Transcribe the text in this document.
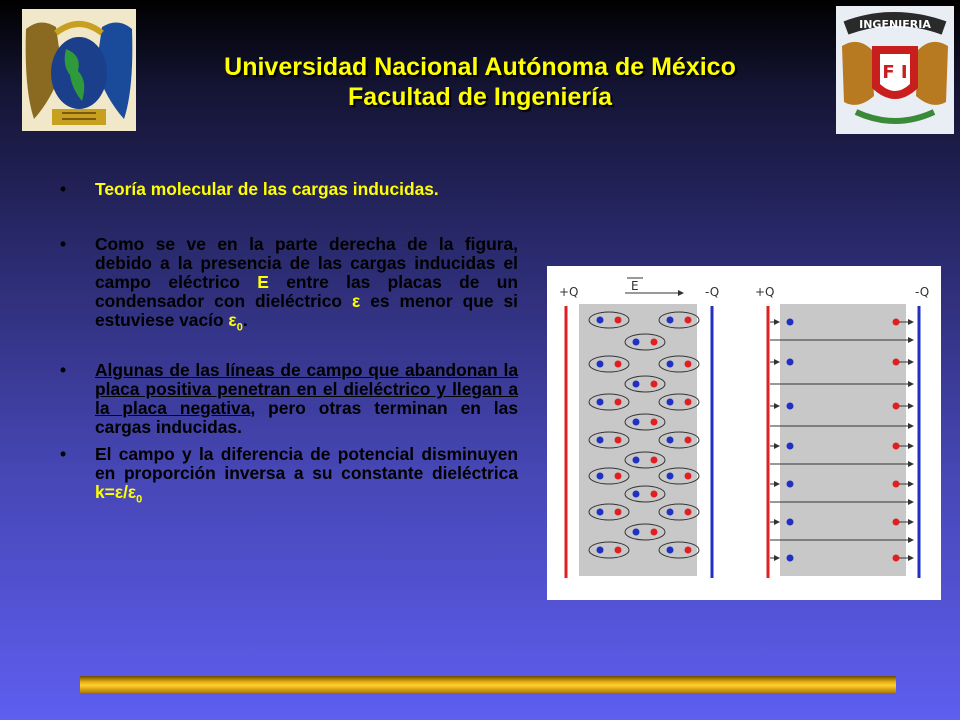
INGENIERIA
F I
Universidad Nacional Autónoma de México
Facultad de Ingeniería
• Teoría molecular de las cargas inducidas.
• Como se ve en la parte derecha de la figura, debido a la presencia de las cargas inducidas el campo eléctrico E entre las placas de un condensador con dieléctrico ε es menor que si estuviese vacío $\varepsilon_0$.
• Algunas de las líneas de campo que abandonan la placa positiva penetran en el dieléctrico y llegan a la placa negativa, pero otras terminan en las cargas inducidas.
• El campo y la diferencia de potencial disminuyen en proporción inversa a su constante dieléctrica $k=\varepsilon/\varepsilon_0$
+Q	-Q
E	+Q	-Q
